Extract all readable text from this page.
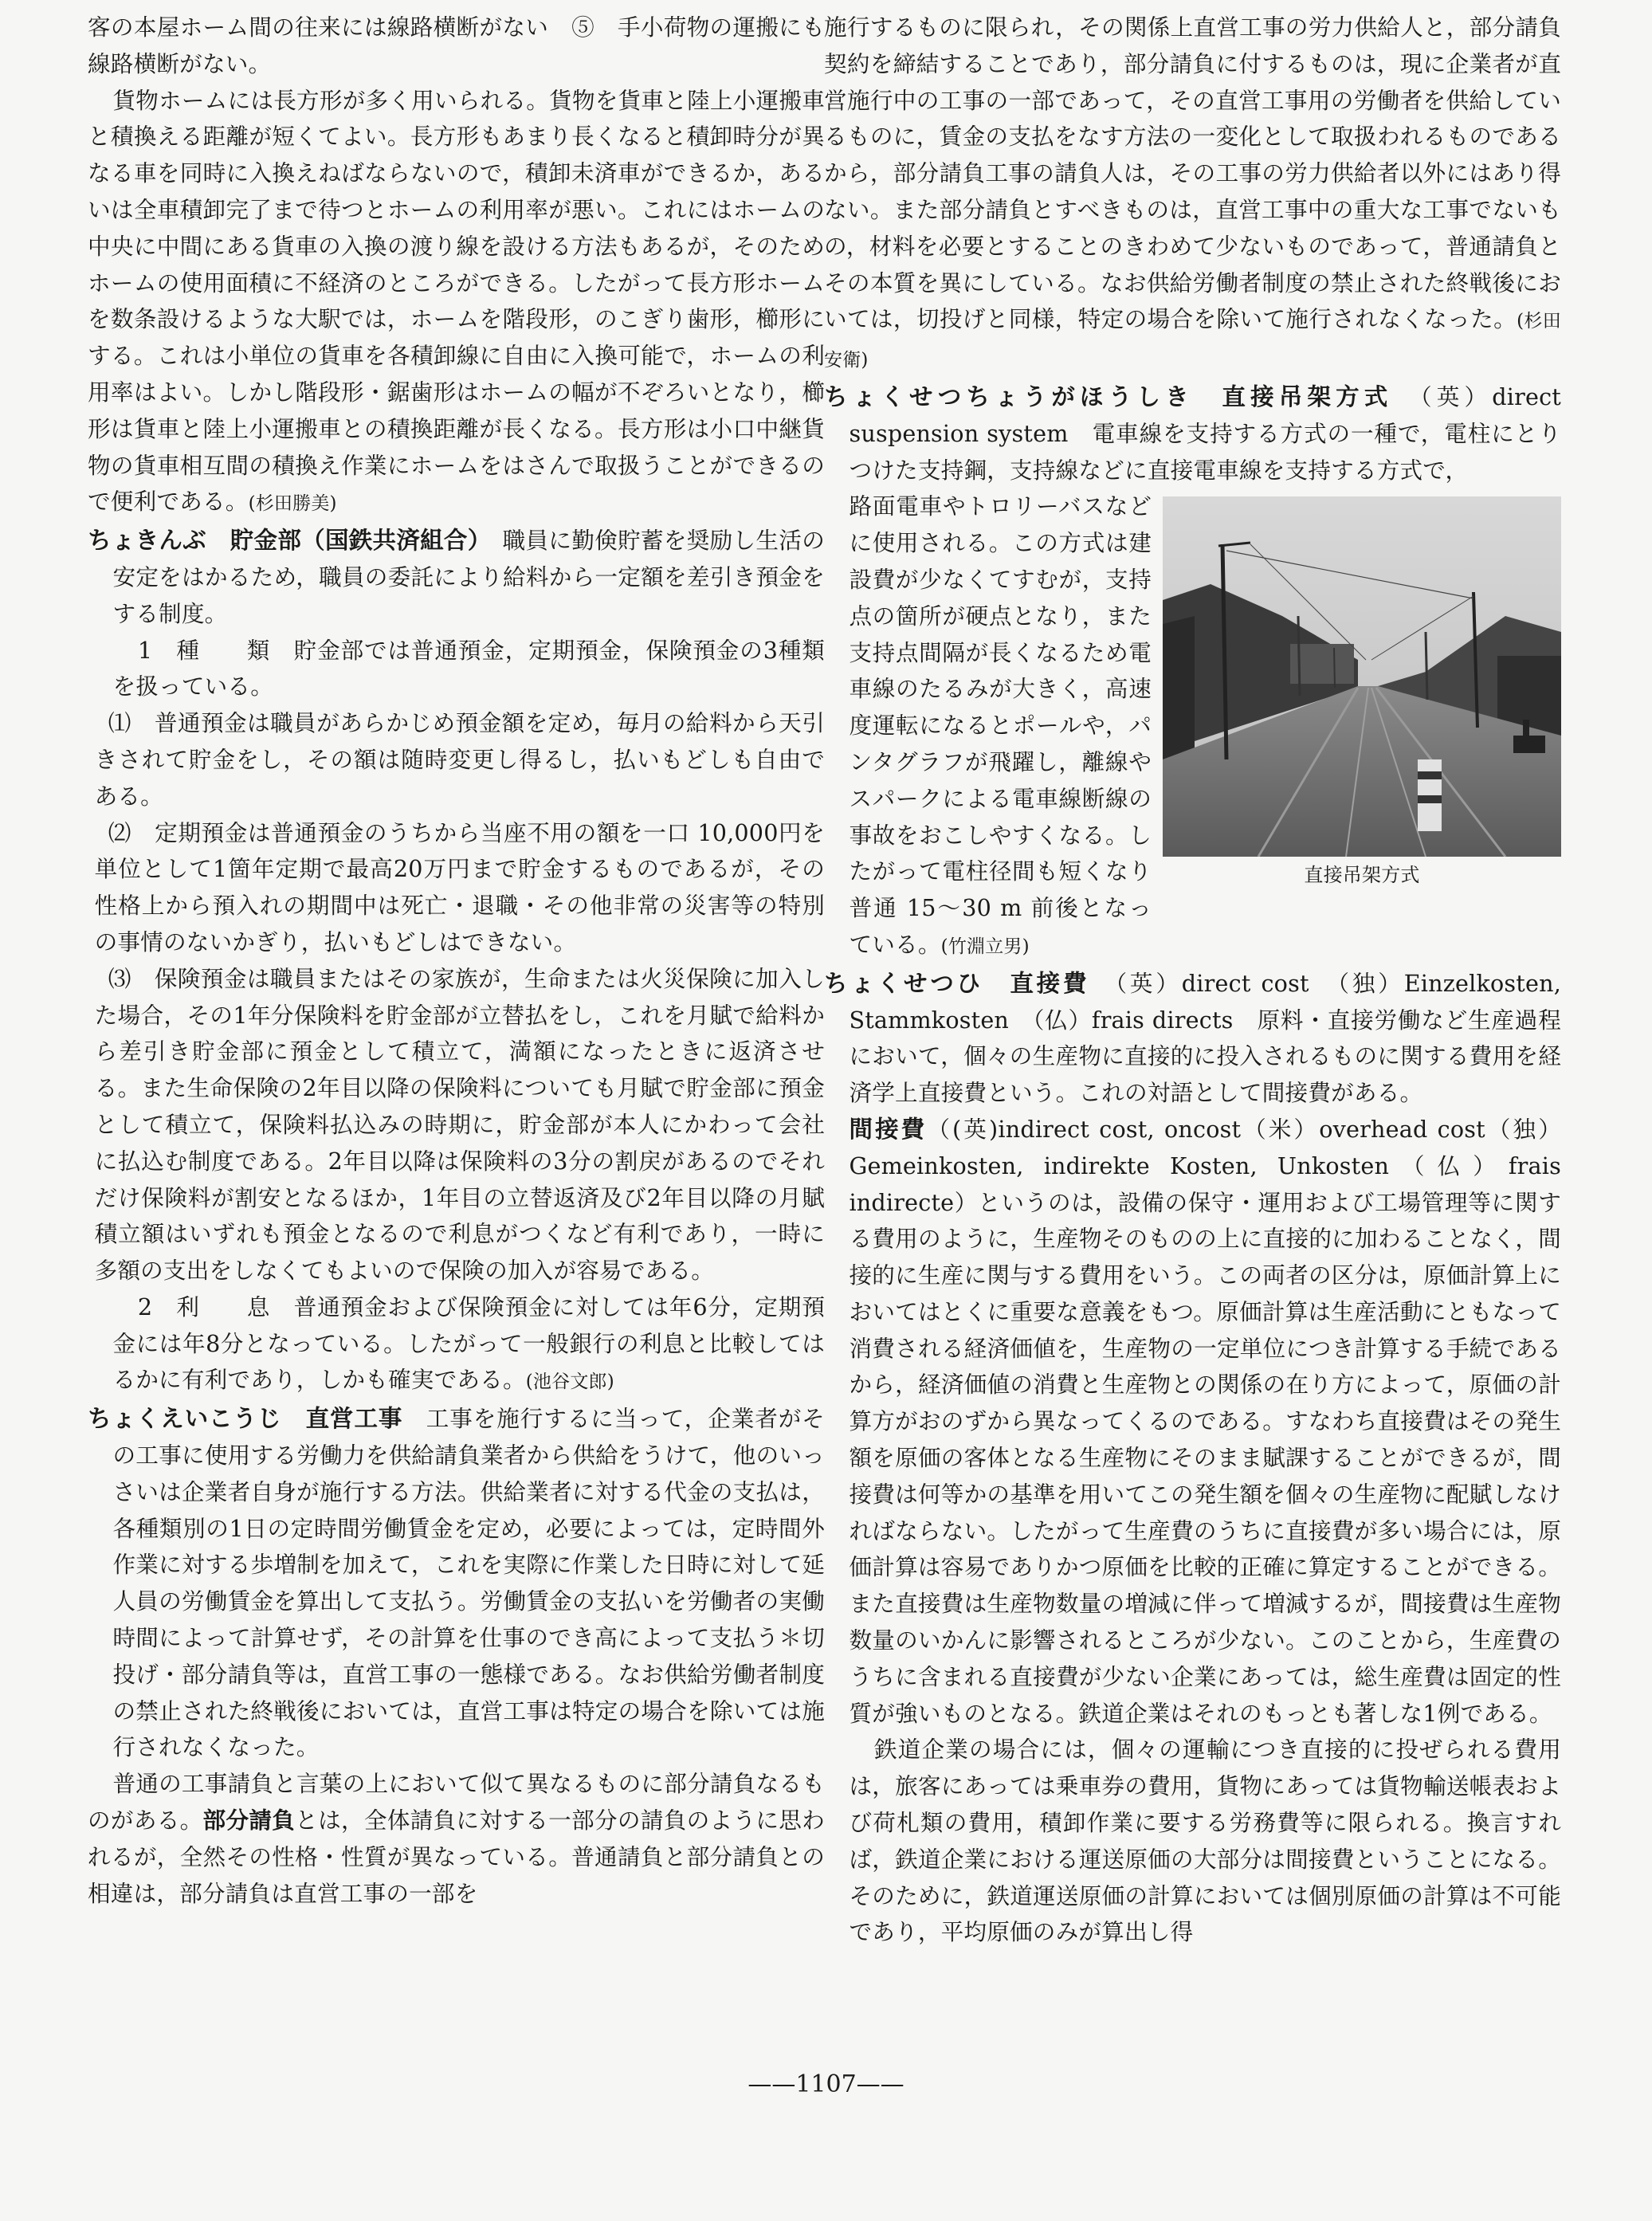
客の本屋ホーム間の往来には線路横断がない　⑤　手小荷物の運搬にも線路横断がない。

貨物ホームには長方形が多く用いられる。貨物を貨車と陸上小運搬車と積換える距離が短くてよい。長方形もあまり長くなると積卸時分が異なる車を同時に入換えねばならないので，積卸未済車ができるか，あるいは全車積卸完了まで待つとホームの利用率が悪い。これにはホームの中央に中間にある貨車の入換の渡り線を設ける方法もあるが，そのためホームの使用面積に不経済のところができる。したがって長方形ホームを数条設けるような大駅では，ホームを階段形，のこぎり歯形，櫛形にする。これは小単位の貨車を各積卸線に自由に入換可能で，ホームの利用率はよい。しかし階段形・鋸歯形はホームの幅が不ぞろいとなり，櫛形は貨車と陸上小運搬車との積換距離が長くなる。長方形は小口中継貨物の貨車相互間の積換え作業にホームをはさんで取扱うことができるので便利である。(杉田勝美)

ちょきんぶ　貯金部（国鉄共済組合）　 職員に勤倹貯蓄を奨励し生活の安定をはかるため，職員の委託により給料から一定額を差引き預金をする制度。

1　種　　類　 貯金部では普通預金，定期預金，保険預金の3種類を扱っている。

⑴　普通預金は職員があらかじめ預金額を定め，毎月の給料から天引きされて貯金をし，その額は随時変更し得るし，払いもどしも自由である。

⑵　定期預金は普通預金のうちから当座不用の額を一口 10,000円を単位として1箇年定期で最高20万円まで貯金するものであるが，その性格上から預入れの期間中は死亡・退職・その他非常の災害等の特別の事情のないかぎり，払いもどしはできない。

⑶　保険預金は職員またはその家族が，生命または火災保険に加入した場合，その1年分保険料を貯金部が立替払をし，これを月賦で給料から差引き貯金部に預金として積立て，満額になったときに返済させる。また生命保険の2年目以降の保険料についても月賦で貯金部に預金として積立て，保険料払込みの時期に，貯金部が本人にかわって会社に払込む制度である。2年目以降は保険料の3分の割戻があるのでそれだけ保険料が割安となるほか，1年目の立替返済及び2年目以降の月賦積立額はいずれも預金となるので利息がつくなど有利であり，一時に多額の支出をしなくてもよいので保険の加入が容易である。

2　利　　息　 普通預金および保険預金に対しては年6分，定期預金には年8分となっている。したがって一般銀行の利息と比較してはるかに有利であり，しかも確実である。(池谷文郎)

ちょくえいこうじ　直営工事　 工事を施行するに当って，企業者がその工事に使用する労働力を供給請負業者から供給をうけて，他のいっさいは企業者自身が施行する方法。供給業者に対する代金の支払は，各種類別の1日の定時間労働賃金を定め，必要によっては，定時間外作業に対する歩増制を加えて，これを実際に作業した日時に対して延人員の労働賃金を算出して支払う。労働賃金の支払いを労働者の実働時間によって計算せず，その計算を仕事のでき高によって支払う＊切投げ・部分請負等は，直営工事の一態様である。なお供給労働者制度の禁止された終戦後においては，直営工事は特定の場合を除いては施行されなくなった。

普通の工事請負と言葉の上において似て異なるものに部分請負なるものがある。部分請負とは，全体請負に対する一部分の請負のように思われるが，全然その性格・性質が異なっている。普通請負と部分請負との相違は，部分請負は直営工事の一部を

施行するものに限られ，その関係上直営工事の労力供給人と，部分請負契約を締結することであり，部分請負に付するものは，現に企業者が直営施行中の工事の一部であって，その直営工事用の労働者を供給しているものに，賃金の支払をなす方法の一変化として取扱われるものであるから，部分請負工事の請負人は，その工事の労力供給者以外にはあり得ない。また部分請負とすべきものは，直営工事中の重大な工事でないもの，材料を必要とすることのきわめて少ないものであって，普通請負とその本質を異にしている。なお供給労働者制度の禁止された終戦後においては，切投げと同様，特定の場合を除いて施行されなくなった。(杉田安衛)

ちょくせつちょうがほうしき　直接吊架方式　 （英）direct suspension system　電車線を支持する方式の一種で，電柱にとりつけた支持鋼，支持線などに直接電車線を支持する方式で，

直接吊架方式
路面電車やトロリーバスなどに使用される。この方式は建設費が少なくてすむが，支持点の箇所が硬点となり，また支持点間隔が長くなるため電車線のたるみが大きく，高速度運転になるとポールや，パンタグラフが飛躍し，離線やスパークによる電車線断線の事故をおこしやすくなる。したがって電柱径間も短くなり普通 15～30 m 前後となっている。(竹淵立男)

ちょくせつひ　直接費　 （英）direct cost　（独）Einzelkosten, Stammkosten　（仏）frais directs　原料・直接労働など生産過程において，個々の生産物に直接的に投入されるものに関する費用を経済学上直接費という。これの対語として間接費がある。

間接費（(英)indirect cost, oncost（米）overhead cost（独）Gemeinkosten, indirekte Kosten, Unkosten（仏）frais indirecte）というのは，設備の保守・運用および工場管理等に関する費用のように，生産物そのものの上に直接的に加わることなく，間接的に生産に関与する費用をいう。この両者の区分は，原価計算上においてはとくに重要な意義をもつ。原価計算は生産活動にともなって消費される経済価値を，生産物の一定単位につき計算する手続であるから，経済価値の消費と生産物との関係の在り方によって，原価の計算方がおのずから異なってくるのである。すなわち直接費はその発生額を原価の客体となる生産物にそのまま賦課することができるが，間接費は何等かの基準を用いてこの発生額を個々の生産物に配賦しなければならない。したがって生産費のうちに直接費が多い場合には，原価計算は容易でありかつ原価を比較的正確に算定することができる。また直接費は生産物数量の増減に伴って増減するが，間接費は生産物数量のいかんに影響されるところが少ない。このことから，生産費のうちに含まれる直接費が少ない企業にあっては，総生産費は固定的性質が強いものとなる。鉄道企業はそれのもっとも著しな1例である。

鉄道企業の場合には，個々の運輸につき直接的に投ぜられる費用は，旅客にあっては乗車券の費用，貨物にあっては貨物輸送帳表および荷札類の費用，積卸作業に要する労務費等に限られる。換言すれば，鉄道企業における運送原価の大部分は間接費ということになる。そのために，鉄道運送原価の計算においては個別原価の計算は不可能であり，平均原価のみが算出し得

——1107——
